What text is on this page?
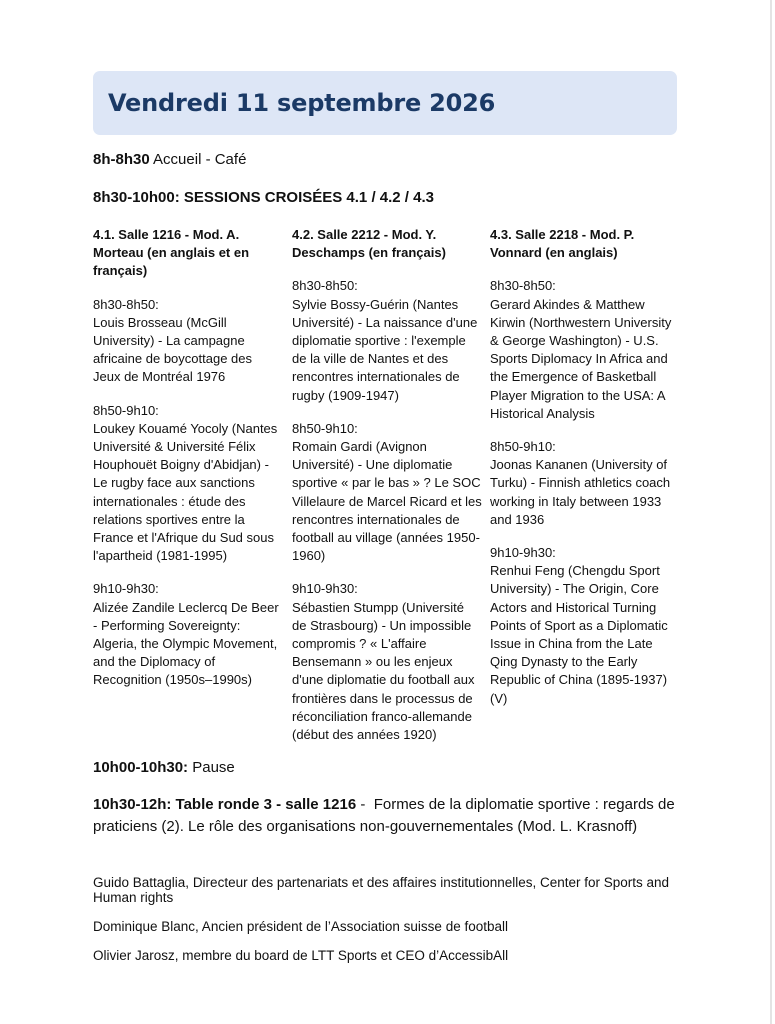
Vendredi 11 septembre 2026
8h-8h30 Accueil - Café
8h30-10h00: SESSIONS CROISÉES 4.1 / 4.2 / 4.3
4.1. Salle 1216 - Mod. A. Morteau (en anglais et en français)
8h30-8h50:
Louis Brosseau (McGill University) - La campagne africaine de boycottage des Jeux de Montréal 1976
8h50-9h10:
Loukey Kouamé Yocoly (Nantes Université & Université Félix Houphouët Boigny d'Abidjan) - Le rugby face aux sanctions internationales : étude des relations sportives entre la France et l'Afrique du Sud sous l'apartheid (1981-1995)
9h10-9h30:
Alizée Zandile Leclercq De Beer - Performing Sovereignty: Algeria, the Olympic Movement, and the Diplomacy of Recognition (1950s–1990s)
4.2. Salle 2212 - Mod. Y. Deschamps (en français)
8h30-8h50:
Sylvie Bossy-Guérin (Nantes Université) - La naissance d'une diplomatie sportive : l'exemple de la ville de Nantes et des rencontres internationales de rugby (1909-1947)
8h50-9h10:
Romain Gardi (Avignon Université) - Une diplomatie sportive « par le bas » ? Le SOC Villelaure de Marcel Ricard et les rencontres internationales de football au village (années 1950-1960)
9h10-9h30:
Sébastien Stumpp (Université de Strasbourg) - Un impossible compromis ? « L'affaire Bensemann » ou les enjeux d'une diplomatie du football aux frontières dans le processus de réconciliation franco-allemande (début des années 1920)
4.3. Salle 2218 - Mod. P. Vonnard (en anglais)
8h30-8h50:
Gerard Akindes & Matthew Kirwin (Northwestern University & George Washington) - U.S. Sports Diplomacy In Africa and the Emergence of Basketball Player Migration to the USA: A Historical Analysis
8h50-9h10:
Joonas Kananen (University of Turku) - Finnish athletics coach working in Italy between 1933 and 1936
9h10-9h30:
Renhui Feng (Chengdu Sport University) - The Origin, Core Actors and Historical Turning Points of Sport as a Diplomatic Issue in China from the Late Qing Dynasty to the Early Republic of China (1895-1937) (V)
10h00-10h30: Pause
10h30-12h: Table ronde 3 - salle 1216 -  Formes de la diplomatie sportive : regards de praticiens (2). Le rôle des organisations non-gouvernementales (Mod. L. Krasnoff)
Guido Battaglia, Directeur des partenariats et des affaires institutionnelles, Center for Sports and Human rights
Dominique Blanc, Ancien président de l’Association suisse de football
Olivier Jarosz, membre du board de LTT Sports et CEO d’AccessibAll
